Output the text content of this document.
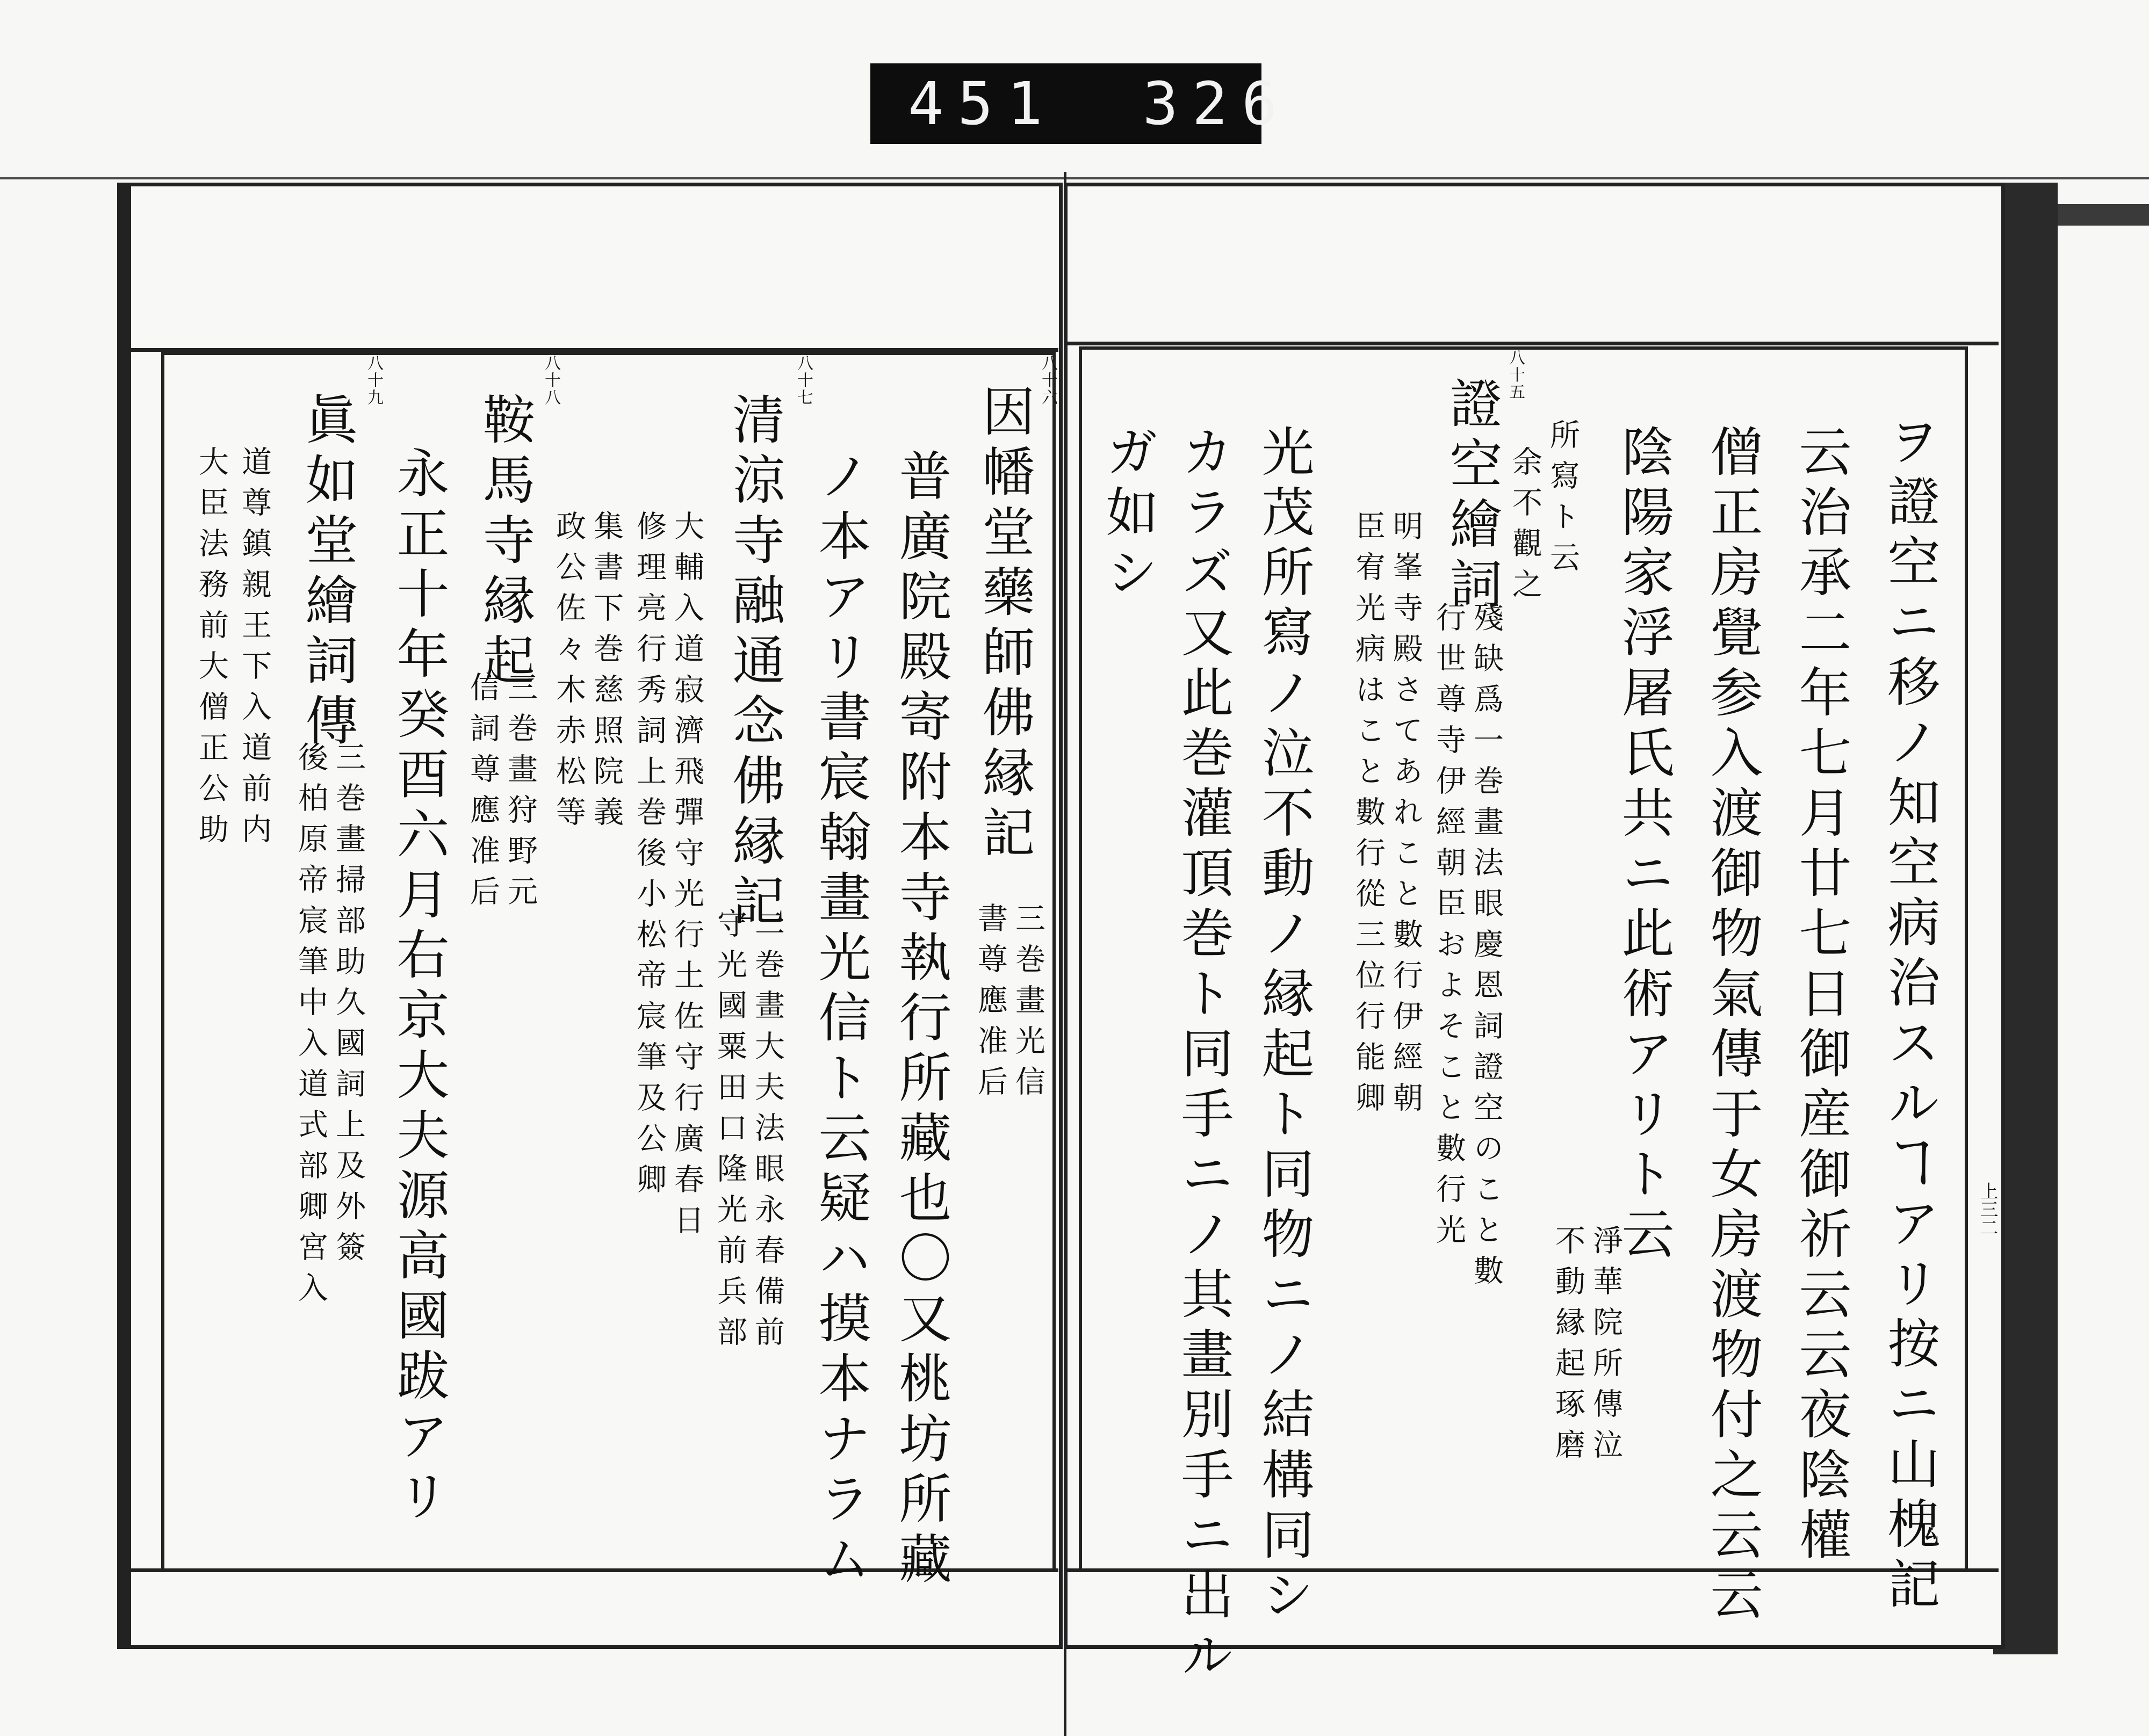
451 326
ヲ證空ニ移ノ知空病治スルヿアリ按ニ山槐記
云治承二年七月廿七日御産御祈云云夜陰權
僧正房覺参入渡御物氣傳于女房渡物付之云云
陰陽家浮屠氏共ニ此術アリト云
淨華院所傳泣
不動縁起琢磨
八十五
證空繪詞 所寫ト云
余不觀之
殘缺爲一巻畫法眼慶恩詞證空のこと數
行世尊寺伊經朝臣およそこと數行光
明峯寺殿さてあれこと數行伊經朝
臣宥光病はこと數行從三位行能卿
光茂所寫ノ泣不動ノ縁起ト同物ニノ結構同シ
カラズ又此巻灌頂巻ト同手ニノ其畫別手ニ出ル
ガ如シ
上三二
八十六
因幡堂藥師佛縁記
三巻畫光信
書尊應准后
普廣院殿寄附本寺執行所藏也〇又桃坊所藏
ノ本アリ書宸翰畫光信ト云疑ハ摸本ナラム
八十七
清涼寺融通念佛縁記
二巻畫大夫法眼永春備前
守光國粟田口隆光前兵部
大輔入道寂濟飛彈守光行土佐守行廣春日
修理亮行秀詞上巻後小松帝宸筆及公卿
集書下巻慈照院義
政公佐々木赤松等
八十八
鞍馬寺縁起
三巻畫狩野元
信詞尊應准后
永正十年癸酉六月右京大夫源高國跋アリ
八十九
眞如堂繪詞傳
三巻畫掃部助久國詞上及外簽
後柏原帝宸筆中入道式部卿宮入
道尊鎮親王下入道前内
大臣法務前大僧正公助
